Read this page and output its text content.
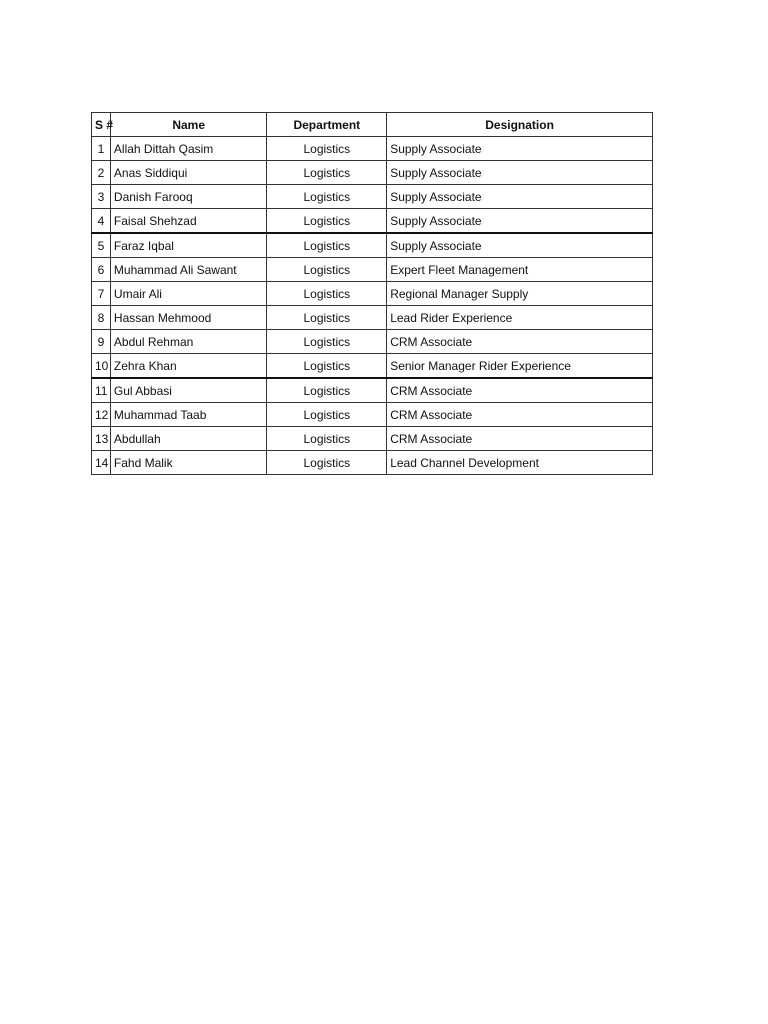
S #	Name	Department	Designation
1	Allah Dittah Qasim	Logistics	Supply Associate
2	Anas Siddiqui	Logistics	Supply Associate
3	Danish Farooq	Logistics	Supply Associate
4	Faisal Shehzad	Logistics	Supply Associate
5	Faraz Iqbal	Logistics	Supply Associate
6	Muhammad Ali Sawant	Logistics	Expert Fleet Management
7	Umair Ali	Logistics	Regional Manager Supply
8	Hassan Mehmood	Logistics	Lead Rider Experience
9	Abdul Rehman	Logistics	CRM Associate
10	Zehra Khan	Logistics	Senior Manager Rider Experience
11	Gul Abbasi	Logistics	CRM Associate
12	Muhammad Taab	Logistics	CRM Associate
13	Abdullah	Logistics	CRM Associate
14	Fahd Malik	Logistics	Lead Channel Development
